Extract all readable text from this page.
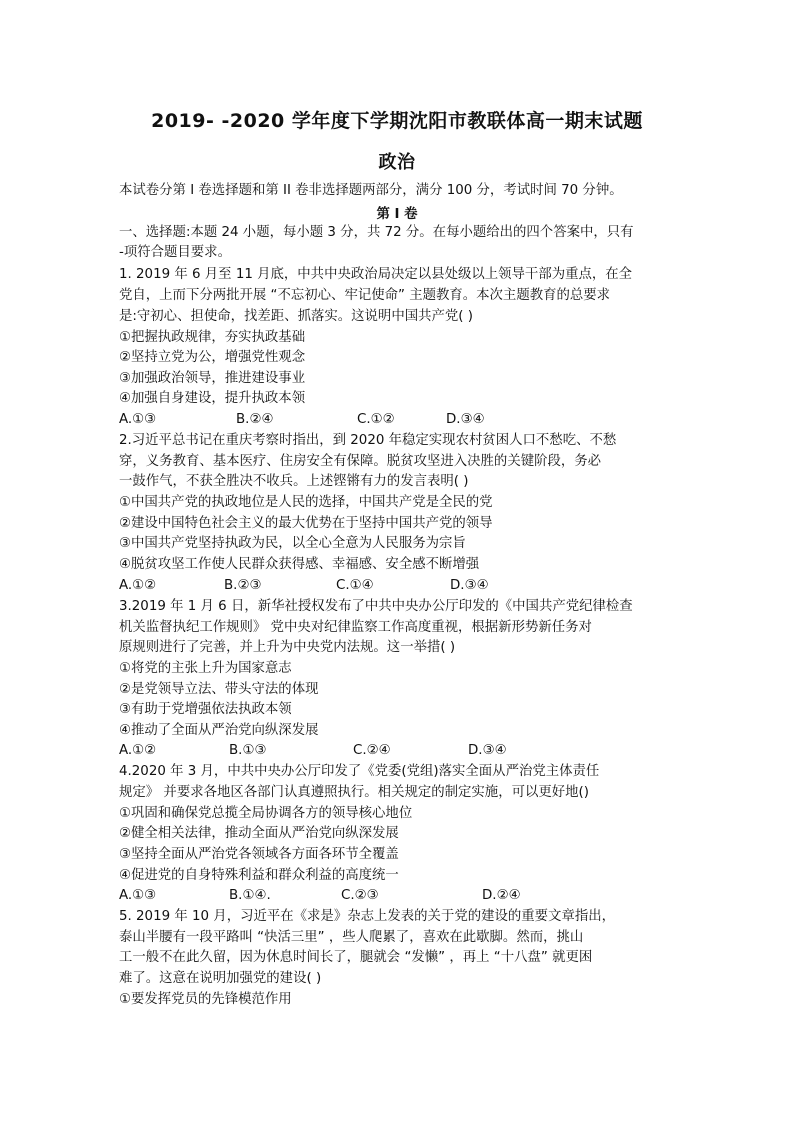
2019- -2020 学年度下学期沈阳市教联体高一期末试题
政治
本试卷分第 I 卷选择题和第 II 卷非选择题两部分，满分 100 分，考试时间 70 分钟。
第 I 卷
一、选择题:本题 24 小题，每小题 3 分，共 72 分。在每小题给出的四个答案中，只有
-项符合题目要求。
1. 2019 年 6 月至 11 月底，中共中央政治局决定以县处级以上领导干部为重点，在全
党自，上而下分两批开展 “不忘初心、牢记使命” 主题教育。本次主题教育的总要求
是:守初心、担使命，找差距、抓落实。这说明中国共产党( )
①把握执政规律，夯实执政基础
②坚持立党为公，增强党性观念
③加强政治领导，推进建设事业
④加强自身建设，提升执政本领
A.①③	B.②④	C.①②	D.③④
2.习近平总书记在重庆考察时指出，到 2020 年稳定实现农村贫困人口不愁吃、不愁
穿，义务教育、基本医疗、住房安全有保障。脱贫攻坚进入决胜的关键阶段，务必
一鼓作气，不获全胜决不收兵。上述铿锵有力的发言表明( )
①中国共产党的执政地位是人民的选择，中国共产党是全民的党
②建设中国特色社会主义的最大优势在于坚持中国共产党的领导
③中国共产党坚持执政为民，以全心全意为人民服务为宗旨
④脱贫攻坚工作使人民群众获得感、幸福感、安全感不断增强
A.①②	B.②③	C.①④	D.③④
3.2019 年 1 月 6 日，新华社授权发布了中共中央办公厅印发的《中国共产党纪律检查
机关监督执纪工作规则》 党中央对纪律监察工作高度重视，根据新形势新任务对
原规则进行了完善，并上升为中央党内法规。这一举措( )
①将党的主张上升为国家意志
②是党领导立法、带头守法的体现
③有助于党增强依法执政本领
④推动了全面从严治党向纵深发展
A.①②	B.①③	C.②④	D.③④
4.2020 年 3 月，中共中央办公厅印发了《党委(党组)落实全面从严治党主体责任
规定》 并要求各地区各部门认真遵照执行。相关规定的制定实施，可以更好地()
①巩固和确保党总揽全局协调各方的领导核心地位
②健全相关法律，推动全面从严治党向纵深发展
③坚持全面从严治党各领域各方面各环节全覆盖
④促进党的自身特殊利益和群众利益的高度统一
A.①③	B.①④.	C.②③	D.②④
5. 2019 年 10 月，习近平在《求是》杂志上发表的关于党的建设的重要文章指出，
泰山半腰有一段平路叫 “快活三里” ，些人爬累了，喜欢在此歇脚。然而，挑山
工一般不在此久留，因为休息时间长了，腿就会 “发懒” ，再上 “十八盘” 就更困
难了。这意在说明加强党的建设( )
①要发挥党员的先锋模范作用
